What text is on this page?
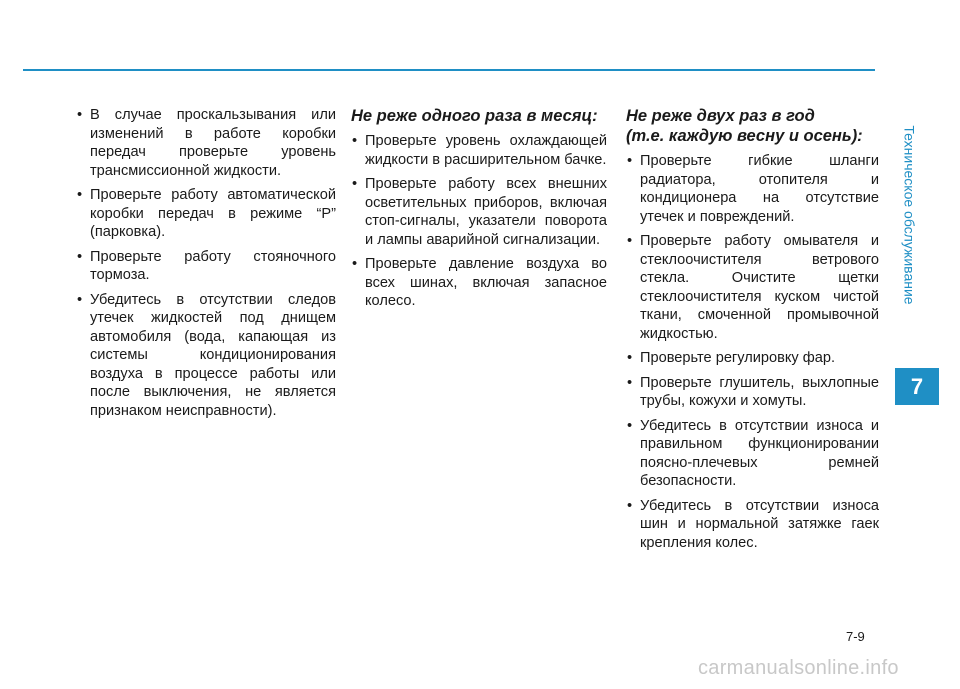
• В случае проскальзывания или изменений в работе коробки передач проверьте уровень трансмиссионной жидкости.
• Проверьте работу автоматической коробки передач в режиме “P” (парковка).
• Проверьте работу стояночного тормоза.
• Убедитесь в отсутствии следов утечек жидкостей под днищем автомобиля (вода, капающая из системы кондиционирования воздуха в процессе работы или после выключения, не является признаком неисправности).
Не реже одного раза в месяц:
• Проверьте уровень охлаждающей жидкости в расширительном бачке.
• Проверьте работу всех внешних осветительных приборов, включая стоп-сигналы, указатели поворота и лампы аварийной сигнализации.
• Проверьте давление воздуха во всех шинах, включая запасное колесо.
Не реже двух раз в год
(т.е. каждую весну и осень):
• Проверьте гибкие шланги радиатора, отопителя и кондиционера на отсутствие утечек и повреждений.
• Проверьте работу омывателя и стеклоочистителя ветрового стекла. Очистите щетки стеклоочистителя куском чистой ткани, смоченной промывочной жидкостью.
• Проверьте регулировку фар.
• Проверьте глушитель, выхлопные трубы, кожухи и хомуты.
• Убедитесь в отсутствии износа и правильном функционировании поясно-плечевых ремней безопасности.
• Убедитесь в отсутствии износа шин и нормальной затяжке гаек крепления колес.
Техническое обслуживание
7
7-9
carmanualsonline.info
